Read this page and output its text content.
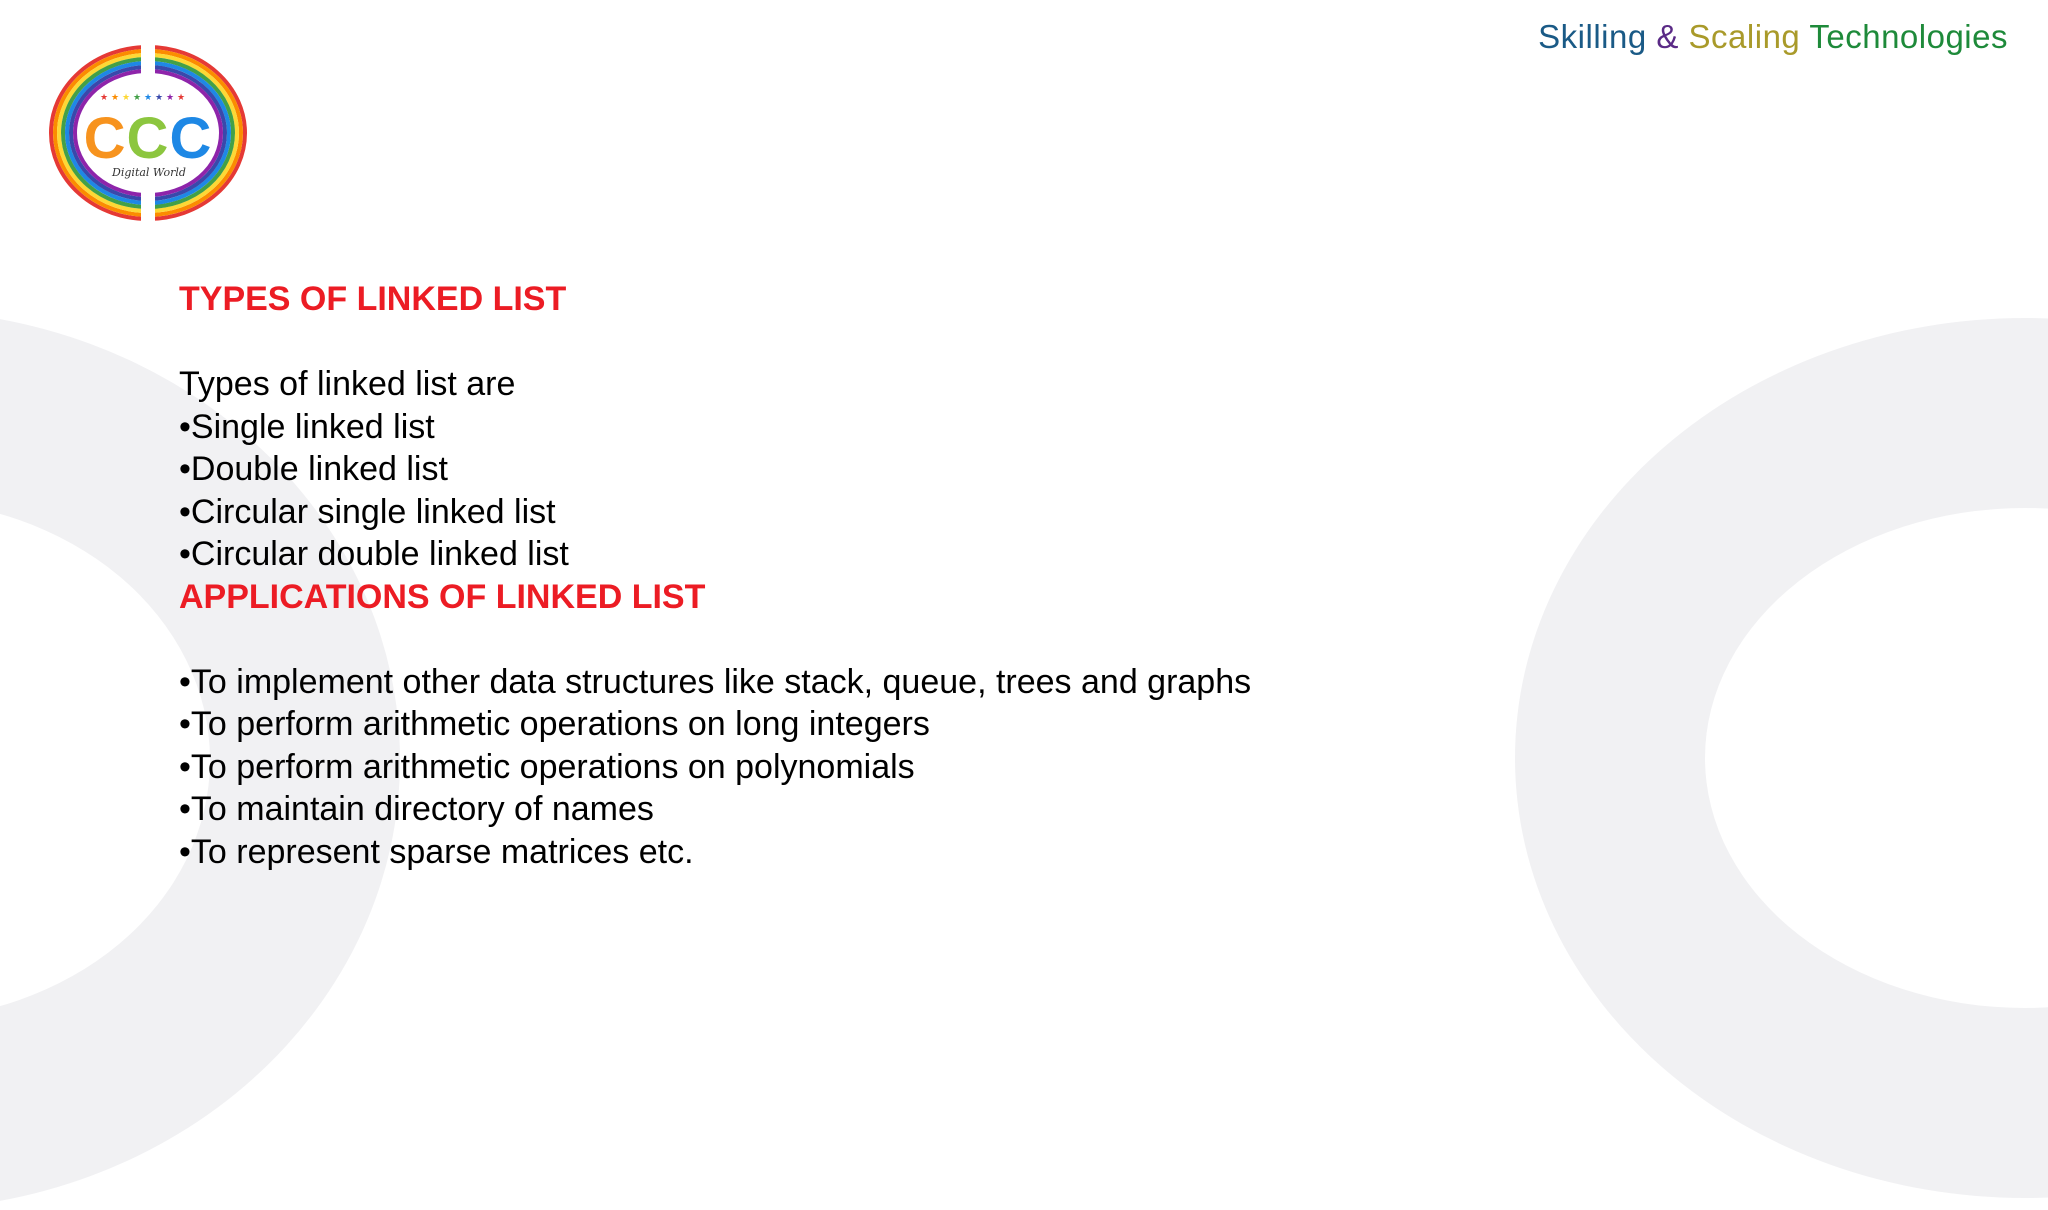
★ ★ ★ ★ ★ ★ ★ ★
CCC
Digital World
Skilling & Scaling Technologies

TYPES OF LINKED LIST

Types of linked list are

•Single linked list

•Double linked list

•Circular single linked list

•Circular double linked list

APPLICATIONS OF LINKED LIST

•To implement other data structures like stack, queue, trees and graphs

•To perform arithmetic operations on long integers

•To perform arithmetic operations on polynomials

•To maintain directory of names

•To represent sparse matrices etc.
